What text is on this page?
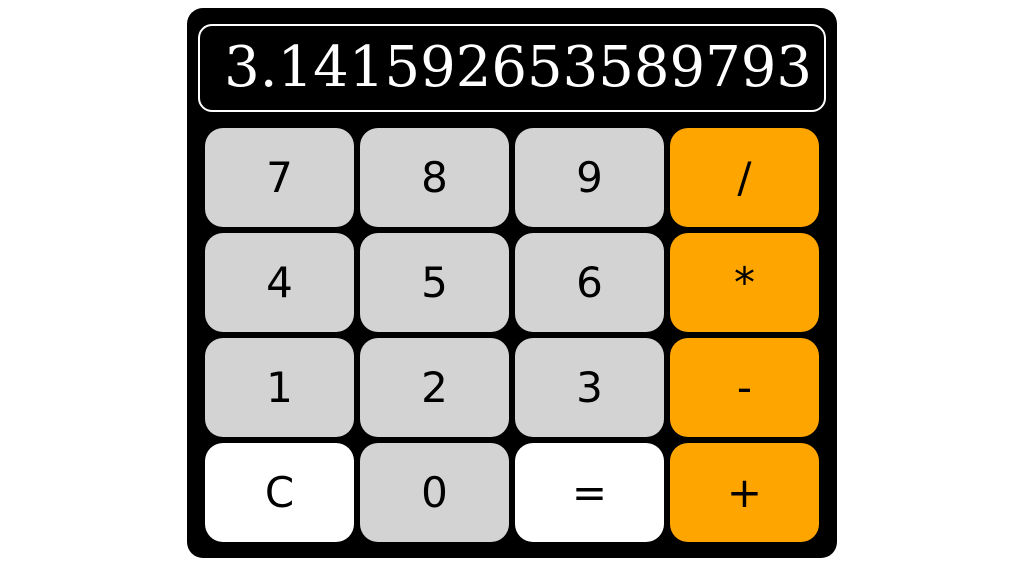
3.141592653589793
7	8	9	/
4	5	6	*
1	2	3	-
C	0	=	+
